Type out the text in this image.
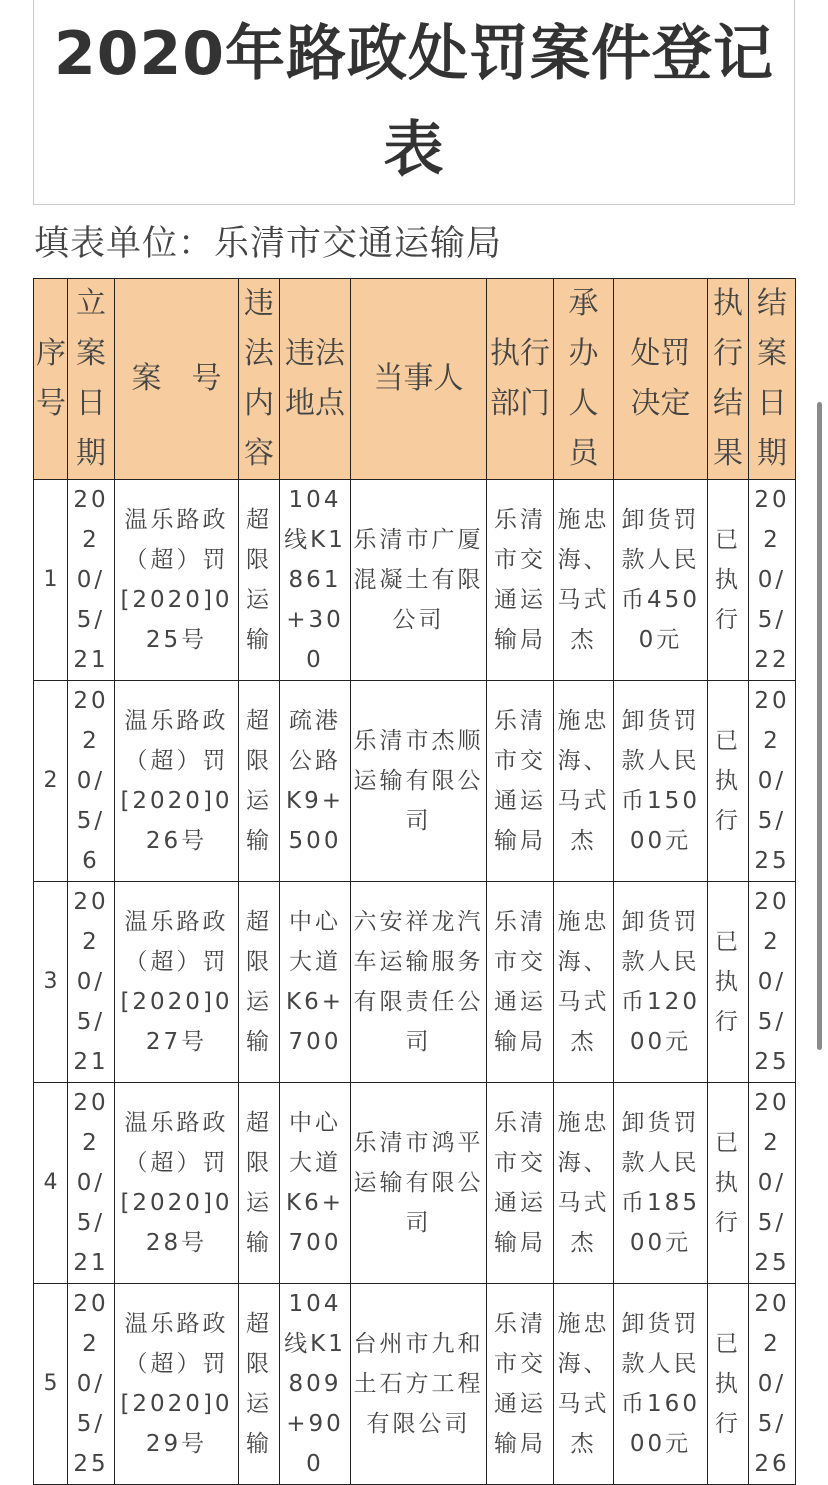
2020年路政处罚案件登记表
填表单位：乐清市交通运输局
序号	立案日期	案　号	违法内容	违法地点	当事人	执行部门	承办人员	处罚决定	执行结果	结案日期
1	2020/5/21	温乐路政（超）罚[2020]025号	超限运输	104线K1861+300	乐清市广厦混凝土有限公司	乐清市交通运输局	施忠海、马式杰	卸货罚款人民币4500元	已执行	2020/5/22
2	2020/5/6	温乐路政（超）罚[2020]026号	超限运输	疏港公路K9+500	乐清市杰顺运输有限公司	乐清市交通运输局	施忠海、马式杰	卸货罚款人民币15000元	已执行	2020/5/25
3	2020/5/21	温乐路政（超）罚[2020]027号	超限运输	中心大道K6+700	六安祥龙汽车运输服务有限责任公司	乐清市交通运输局	施忠海、马式杰	卸货罚款人民币12000元	已执行	2020/5/25
4	2020/5/21	温乐路政（超）罚[2020]028号	超限运输	中心大道K6+700	乐清市鸿平运输有限公司	乐清市交通运输局	施忠海、马式杰	卸货罚款人民币18500元	已执行	2020/5/25
5	2020/5/25	温乐路政（超）罚[2020]029号	超限运输	104线K1809+900	台州市九和土石方工程有限公司	乐清市交通运输局	施忠海、马式杰	卸货罚款人民币16000元	已执行	2020/5/26
